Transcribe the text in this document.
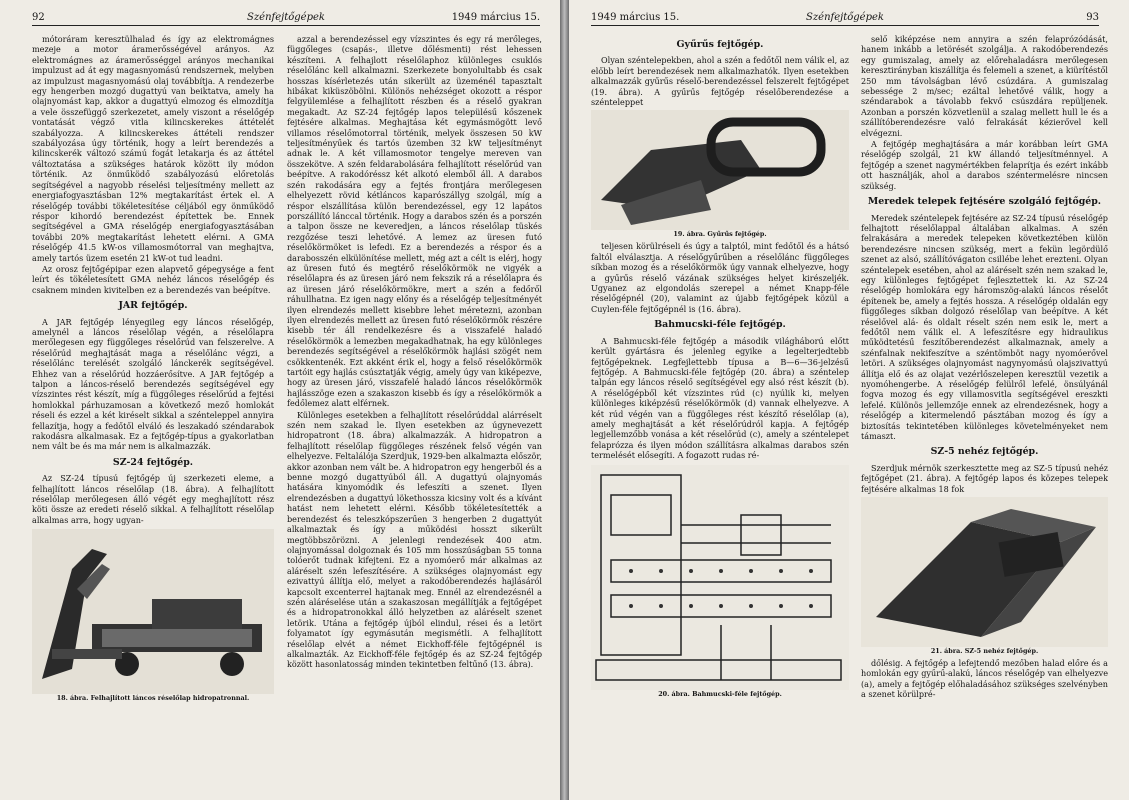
92	Szénfejtőgépek	1949 március 15.

mótoráram keresztülhalad és így az elektromágnes mezeje a motor áramerősségével arányos. Az elektromágnes az áramerősséggel arányos mechanikai impulzust ad át egy magasnyomású rendszernek, melyben az impulzust magasnyomású olaj továbbítja. A rendezerbe egy hengerben mozgó dugattyú van beiktatva, amely ha olajnyomást kap, akkor a dugattyú elmozog és elmozdítja a vele összefüggő szerkezetet, amely viszont a réselőgép vontatását végző vitla kilincskerekes áttételét szabályozza. A kilincskerekes áttételi rendszer szabályozása úgy történik, hogy a leírt berendezés a kilincskerék változó számú fogát letakarja és az áttétel változtatása a szükséges határok között ily módon történik. Az önműködő szabályozású előretolás segítségével a nagyobb réselési teljesítmény mellett az energiafogyasztásban 12% megtakarítást értek el. A réselőgép további tökéletesítése céljából egy önműködő réspor kihordó berendezést építettek be. Ennek segítségével a GMA réselőgép energiafogyasztásában további 20% megtakarítást lehetett elérni. A GMA réselőgép 41.5 kW-os villamosmótorral van meghajtva, amely tartós üzem esetén 21 kW-ot tud leadni.

Az orosz fejtőgépipar ezen alapvető gépegysége a fent leírt és tökéletesített GMA nehéz láncos réselőgép és csaknem minden kivitelben ez a berendezés van beépítve.

JAR fejtőgép.

A JAR fejtőgép lényegileg egy láncos réselőgép, amelynél a láncos réselőlap végén, a réselőlapra merőlegesen egy függőleges réselőrúd van felszerelve. A réselőrúd meghajtását maga a réselőlánc végzi, a réselőlánc terelését szolgáló lánckerék segítségével. Ehhez van a réselőrúd hozzáerősítve. A JAR fejtőgép a talpon a láncos-réselő berendezés segítségével egy vízszintes rést készít, míg a függőleges réselőrúd a fejtési homlokkal párhuzamosan a következő mező homlokát réseli és ezzel a két kiréselt sikkal a szénteleppel annyira fellazítja, hogy a fedőtől elváló és leszakadó széndarabok rakodásra alkalmasak. Ez a fejtőgép-típus a gyakorlatban nem vált be és ma már nem is alkalmazzák.

SZ-24 fejtőgép.

Az SZ-24 típusú fejtőgép új szerkezeti eleme, a felhajlított láncos réselőlap (18. ábra). A felhajlított réselőlap merőlegesen álló végét egy meghajlított rész köti össze az eredeti réselő sikkal. A felhajlított réselőlap alkalmas arra, hogy ugyan-

18. ábra. Felhajlított láncos réselőlap hidropatronnal.

azzal a berendezéssel egy vízszintes és egy rá merőleges, függőleges (csapás-, illetve dőlésmenti) rést lehessen készíteni. A felhajlott réselőlaphoz különleges csuklós réselőlánc kell alkalmazni. Szerkezete bonyolultabb és csak hosszas kísérletezés után sikerült az üzeménél tapasztalt hibákat kiküszöbölni. Különös nehézséget okozott a réspor felgyülemlése a felhajlított részben és a réselő gyakran megakadt. Az SZ-24 fejtőgép lapos településű kőszenek fejtésére alkalmas. Meghajtása két egymásmögött levő villamos réselőmotorral történik, melyek összesen 50 kW teljesítményűek és tartós üzemben 32 kW teljesítményt adnak le. A két villamosmotor tengelye mereven van összekötve. A szén feldarabolására felhajlított réselőrúd van beépítve. A rakodóréssz két alkotó elemből áll. A darabos szén rakodására egy a fejtés frontjára merőlegesen elhelyezett rövid kétláncos kaparószállyg szolgál, míg a réspor elszállítása külön berendezéssel, egy 12 lapátos porszállító lánccal történik. Hogy a darabos szén és a porszén a talpon össze ne keveredjen, a láncos réselőlap tüskés rezgőzése teszi lehetővé. A lemez az üresen futó réselőkörmöket is lefedi. Ez a berendezés a réspor és a darabosszén elkülönítése mellett, még azt a célt is elérj, hogy az üresen futó és megtérő réselőkörmök ne vigyék a réselőlapra és az üresen járó nem fekszik rá a réselőlapra és az üresen járó réselőkörmökre, mert a szén a fedőről ráhullhatna. Ez igen nagy előny és a réselőgép teljesítményét ilyen elrendezés mellett kisebbre lehet méretezni, azonban ilyen elrendezés mellett az üresen futó réselőkörmök részére kisebb tér áll rendelkezésre és a visszafelé haladó réselőkörmök a lemezben megakadhatnak, ha egy különleges berendezés segítségével a réselőkörmök hajlási szögét nem csökkentenék. Ezt akként érik el, hogy a felső réselőkörmök tartóit egy hajlás csúsztatják végig, amely úgy van kiképezve, hogy az üresen járó, visszafelé haladó láncos réselőkörmök hajlásszöge ezen a szakaszon kisebb és így a réselőkörmök a fedőlemez alatt elférnek.

Különleges esetekben a felhajlított réselőrúddal alárréselt szén nem szakad le. Ilyen esetekben az úgynevezett hidropatront (18. ábra) alkalmazzák. A hidropatron a felhajlított réselőlap függőleges részének felső végén van elhelyezve. Feltalálója Szerdjuk, 1929-ben alkalmazta először, akkor azonban nem vált be. A hidropatron egy hengerből és a benne mozgó dugattyúból áll. A dugattyú olajnyomás hatására kinyomódik és lefeszíti a szenet. Ilyen elrendezésben a dugattyú lökethossza kicsiny volt és a kívánt hatást nem lehetett elérni. Később tökéletesítették a berendezést és teleszkópszerűen 3 hengerben 2 dugattyút alkalmaztak és így a működési hosszt sikerült megtöbbszörözni. A jelenlegi rendezések 400 atm. olajnyomással dolgoznak és 105 mm hosszúságban 55 tonna tolóerőt tudnak kifejteni. Ez a nyomóerő már alkalmas az aláréselt szén lefeszítésére. A szükséges olajnyomást egy ezivattyú állítja elő, melyet a rakodóberendezés hajlásáról kapcsolt excenterrel hajtanak meg. Ennél az elrendezésnél a szén aláréselése után a szakaszosan megállítják a fejtőgépet és a hidropatronokkal álló helyzetben az aláréselt szenet letörik. Utána a fejtőgép újból elindul, rései és a letört folyamatot így egymásután megismétli. A felhajlított réselőlap elvét a német Eickhoff-féle fejtőgépnél is alkalmazták. Az Eickhoff-féle fejtőgép és az SZ-24 fejtőgép között hasonlatosság minden tekintetben feltűnő (13. ábra).

1949 március 15.	Szénfejtőgépek	93
Gyűrűs fejtőgép.

Olyan széntelepekben, ahol a szén a fedőtől nem válik el, az előbb leírt berendezések nem alkalmazhatók. Ilyen esetekben alkalmazzák gyűrűs réselő-berendezéssel felszerelt fejtőgépet (19. ábra). A gyűrűs fejtőgép réselőberendezése a szénteleppet

19. ábra. Gyűrűs fejtőgép.

teljesen körülréseli és úgy a talptól, mint fedőtől és a hátsó faltól elválasztja. A réselőgyűrűben a réselőlánc függőleges síkban mozog és a réselőkörmök úgy vannak elhelyezve, hogy a gyűrűs réselő vázának szükséges helyet kirészeljék. Ugyanez az elgondolás szerepel a német Knapp-féle réselőgépnél (20), valamint az újabb fejtőgépek közül a Cuylen-féle fejtőgépnél is (16. ábra).

Bahmucski-féle fejtőgép.

A Bahmucski-féle fejtőgép a második világháború előtt került gyártásra és jelenleg egyike a legelterjedtebb fejtőgépeknek. Legfejlettebb típusa a B—6—36-jelzésű fejtőgép. A Bahmucski-féle fejtőgép (20. ábra) a széntelep talpán egy láncos réselő segítségével egy alsó rést készít (b). A réselőgépből két vízszintes rúd (c) nyúlik ki, melyen különleges kiképzésű réselőkörmök (d) vannak elhelyezve. A két rúd végén van a függőleges rést készítő réselőlap (a), amely meghajtását a két réselőrúdról kapja. A fejtőgép legjellemzőbb vonása a két réselőrúd (c), amely a széntelepet felaprózza és ilyen módon szállításra alkalmas darabos szén termelését elősegíti. A fogazott rudas ré-

20. ábra. Bahmucski-féle fejtőgép.

selő kiképzése nem annyira a szén felaprózódását, hanem inkább a letörését szolgálja. A rakodóberendezés egy gumiszalag, amely az előrehaladásra merőlegesen keresztirányban kiszállítja és felemeli a szenet, a kiürítéstől 250 mm távolságban lévő csúzdára. A gumiszalag sebessége 2 m/sec; ezáltal lehetővé válik, hogy a széndarabok a távolabb fekvő csúszdára repüljenek. Azonban a porszén közvetlenül a szalag mellett hull le és a szállítóberendezésre való felrakását kézierővel kell elvégezni.

A fejtőgép meghajtására a már korábban leírt GMA réselőgép szolgál, 21 kW állandó teljesítménnyel. A fejtőgép a szenet nagymértékben felaprítja és ezért inkább ott használják, ahol a darabos széntermelésre nincsen szükség.

Meredek telepek fejtésére szolgáló fejtőgép.

Meredek széntelepek fejtésére az SZ-24 típusú réselőgép felhajtott réselőlappal általában alkalmas. A szén felrakására a meredek telepeken következtében külön berendezésre nincsen szükség, mert a fekün legördülő szenet az alsó, szállítóvágaton csillébe lehet erezteni. Olyan széntelepek esetében, ahol az aláréselt szén nem szakad le, egy különleges fejtőgépet fejlesztettek ki. Az SZ-24 réselőgép homlokára egy háromszög-alakú láncos réselőt építenek be, amely a fejtés hossza. A réselőgép oldalán egy függőleges síkban dolgozó réselőlap van beépítve. A két réselővel alá- és oldalt réselt szén nem esik le, mert a fedőtől nem válik el. A lefeszítésre egy hidraulikus működtetésű feszítőberendezést alkalmaznak, amely a szénfalnak nekifeszítve a széntömböt nagy nyomóerővel letöri. A szükséges olajnyomást nagynyomású olajszivattyú állítja elő és az olajat vezérlőszelepen keresztül vezetik a nyomóhengerbe. A réselőgép felülről lefelé, önsúlyánál fogva mozog és egy villamosvitla segítségével ereszkti lefelé. Különös jellemzője ennek az elrendezésnek, hogy a réselőgép a kitermelendő pásztában mozog és így a biztosítás tekintetében különleges követelményeket nem támaszt.

SZ-5 nehéz fejtőgép.

Szerdjuk mérnök szerkesztette meg az SZ-5 típusú nehéz fejtőgépet (21. ábra). A fejtőgép lapos és közepes telepek fejtésére alkalmas 18 fok

21. ábra. SZ-5 nehéz fejtőgép.

dőlésig. A fejtőgép a lefejtendő mezőben halad előre és a homlokán egy gyűrű-alakú, láncos réselőgép van elhelyezve (a), amely a fejtőgép előhaladásához szükséges szelvényben a szenet körülpré-
